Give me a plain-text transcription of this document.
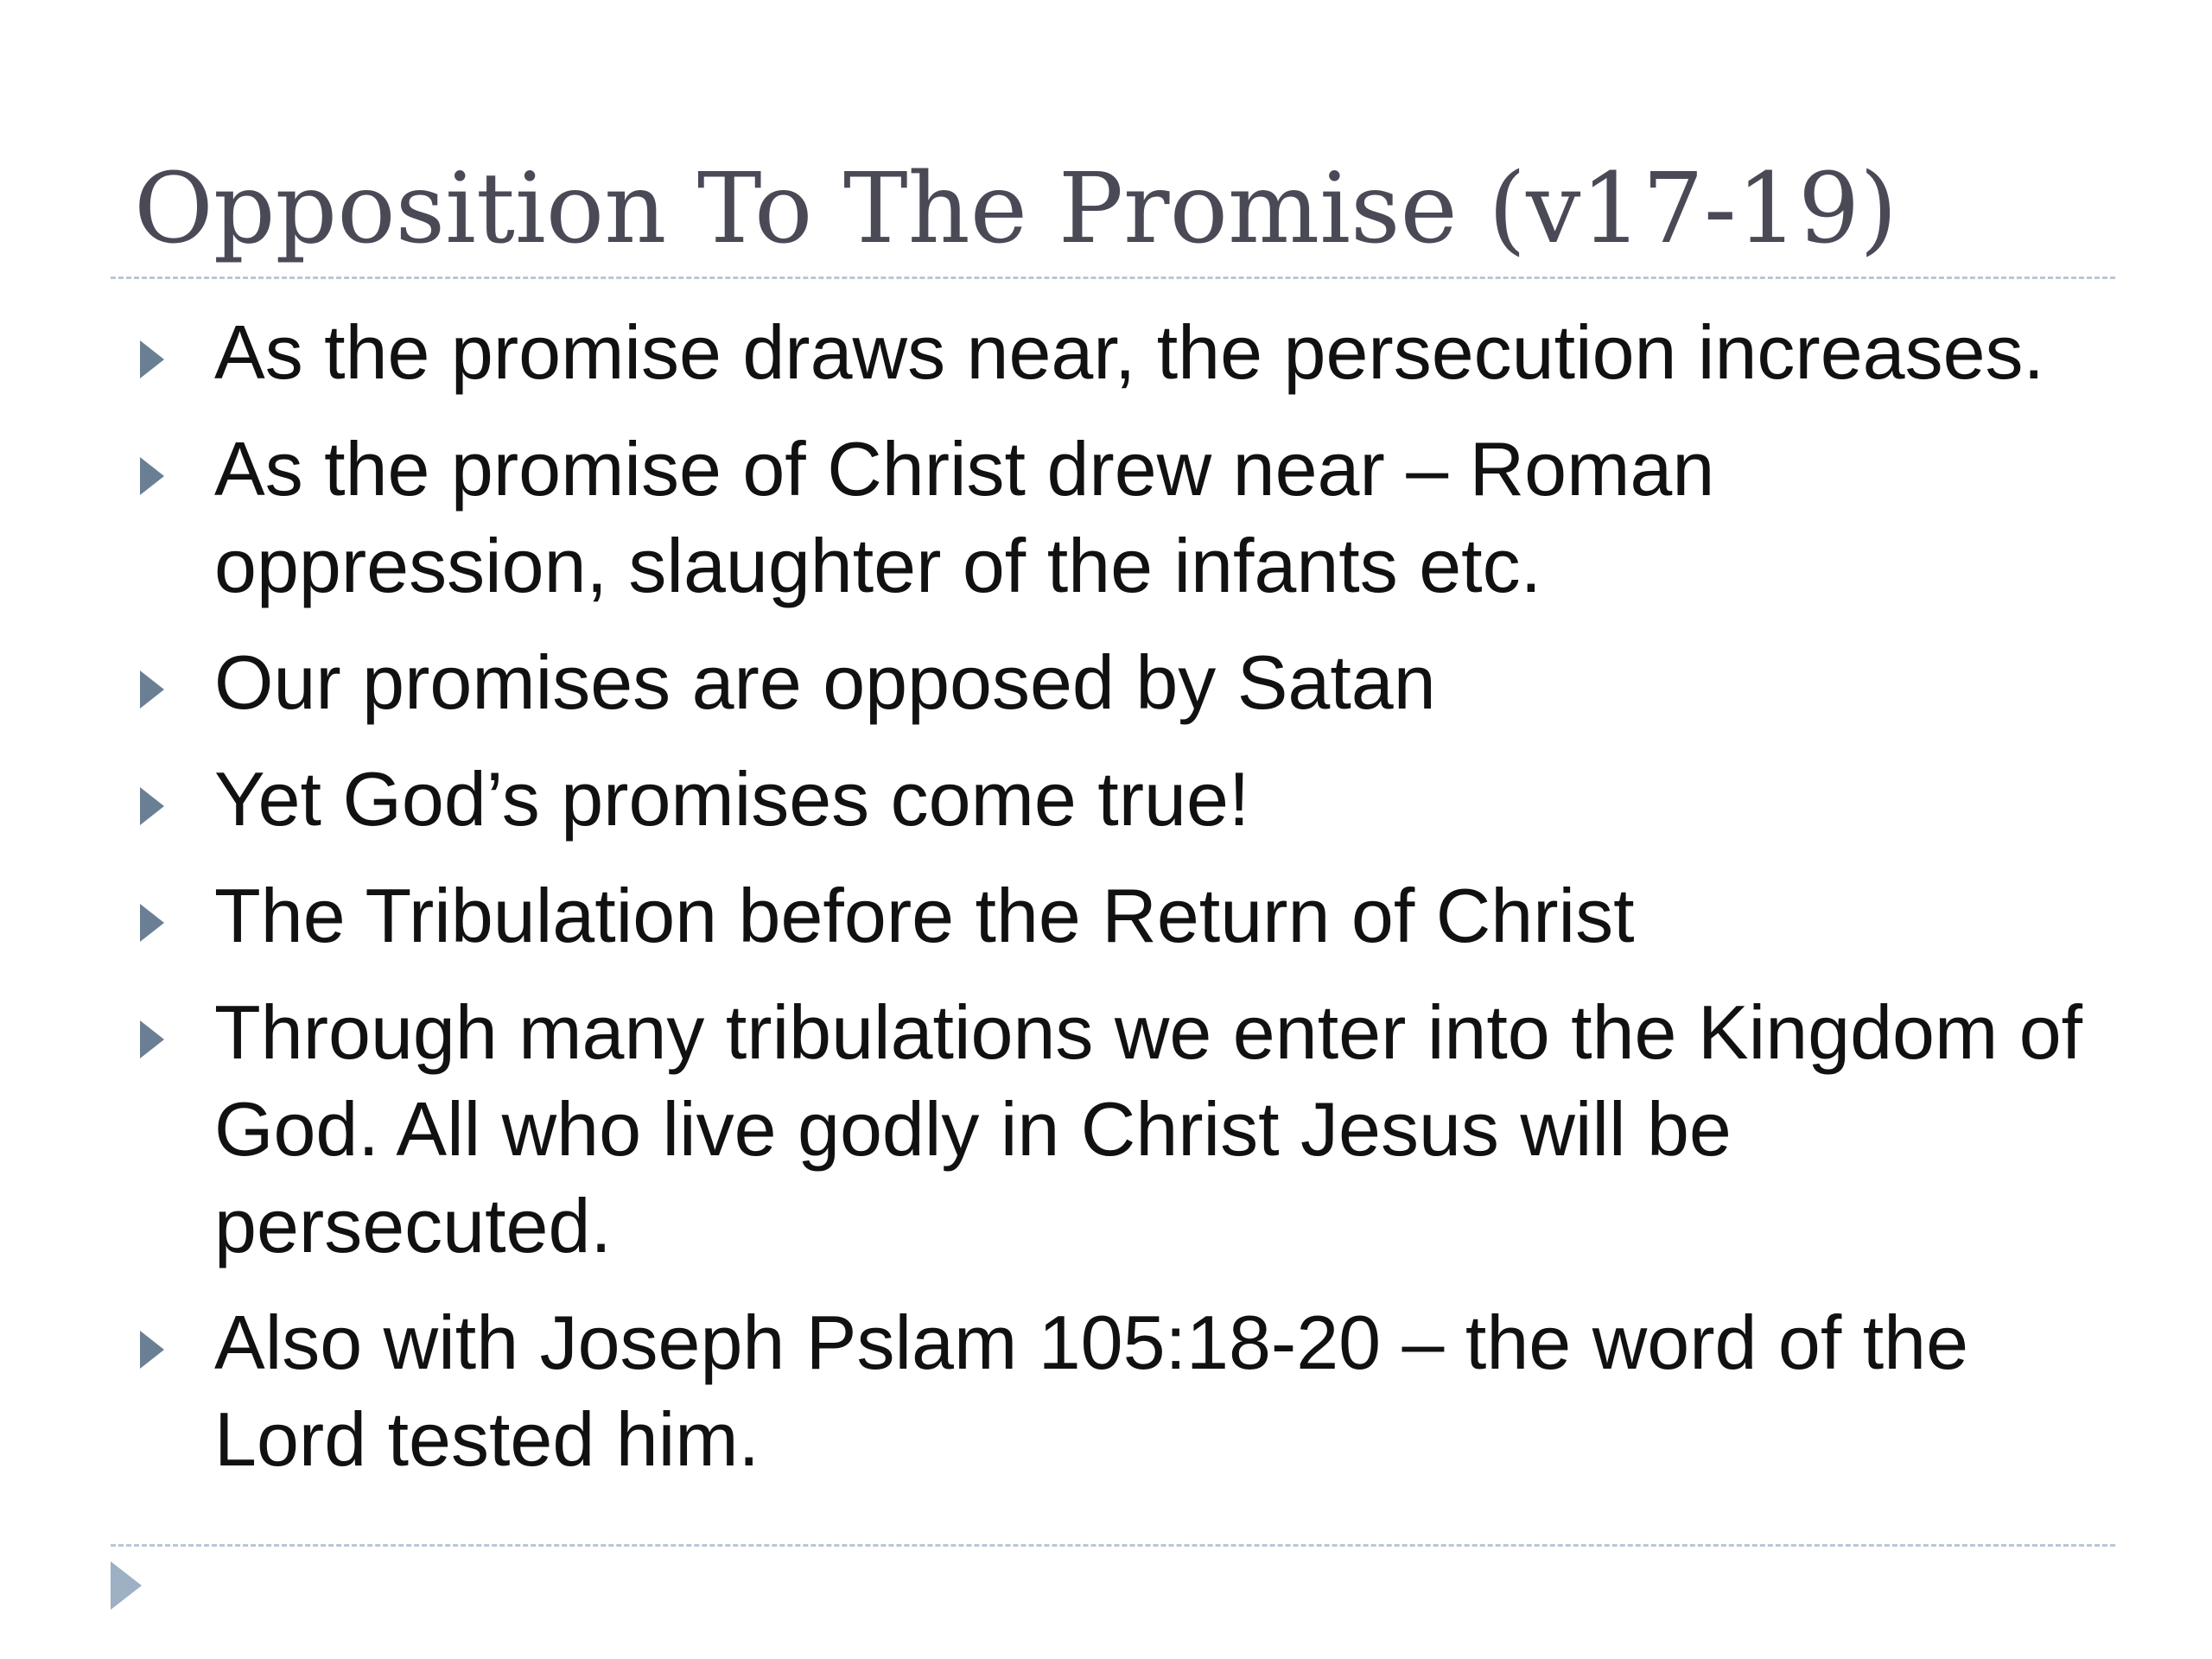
Opposition To The Promise (v17-19)
As the promise draws near, the persecution increases.
As the promise of Christ drew near – Roman oppression, slaughter of the infants etc.
Our promises are opposed by Satan
Yet God’s promises come true!
The Tribulation before the Return of Christ
Through many tribulations we enter into the Kingdom of God. All who live godly in Christ Jesus will be persecuted.
Also with Joseph Pslam 105:18-20 – the word of the Lord tested him.
